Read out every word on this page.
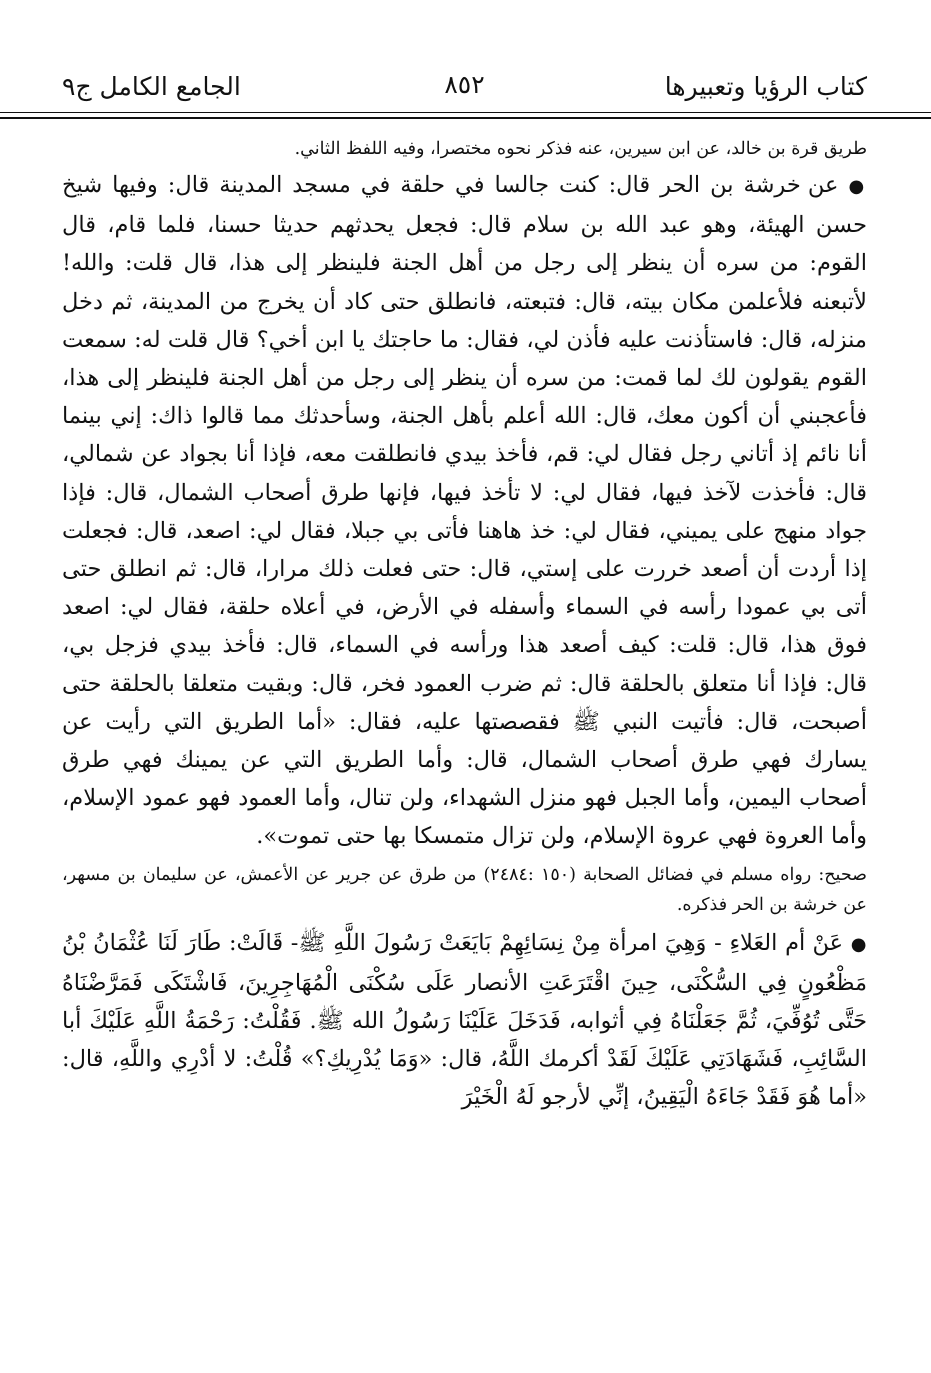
كتاب الرؤيا وتعبيرها
٨٥٢
الجامع الكامل ج٩

طريق قرة بن خالد، عن ابن سيرين، عنه فذكر نحوه مختصرا، وفيه اللفظ الثاني.

● عن خرشة بن الحر قال: كنت جالسا في حلقة في مسجد المدينة قال: وفيها شيخ حسن الهيئة، وهو عبد الله بن سلام قال: فجعل يحدثهم حديثا حسنا، فلما قام، قال القوم: من سره أن ينظر إلى رجل من أهل الجنة فلينظر إلى هذا، قال قلت: والله! لأتبعنه فلأعلمن مكان بيته، قال: فتبعته، فانطلق حتى كاد أن يخرج من المدينة، ثم دخل منزله، قال: فاستأذنت عليه فأذن لي، فقال: ما حاجتك يا ابن أخي؟ قال قلت له: سمعت القوم يقولون لك لما قمت: من سره أن ينظر إلى رجل من أهل الجنة فلينظر إلى هذا، فأعجبني أن أكون معك، قال: الله أعلم بأهل الجنة، وسأحدثك مما قالوا ذاك: إني بينما أنا نائم إذ أتاني رجل فقال لي: قم، فأخذ بيدي فانطلقت معه، فإذا أنا بجواد عن شمالي، قال: فأخذت لآخذ فيها، فقال لي: لا تأخذ فيها، فإنها طرق أصحاب الشمال، قال: فإذا جواد منهج على يميني، فقال لي: خذ هاهنا فأتى بي جبلا، فقال لي: اصعد، قال: فجعلت إذا أردت أن أصعد خررت على إستي، قال: حتى فعلت ذلك مرارا، قال: ثم انطلق حتى أتى بي عمودا رأسه في السماء وأسفله في الأرض، في أعلاه حلقة، فقال لي: اصعد فوق هذا، قال: قلت: كيف أصعد هذا ورأسه في السماء، قال: فأخذ بيدي فزجل بي، قال: فإذا أنا متعلق بالحلقة قال: ثم ضرب العمود فخر، قال: وبقيت متعلقا بالحلقة حتى أصبحت، قال: فأتيت النبي ﷺ فقصصتها عليه، فقال: «أما الطريق التي رأيت عن يسارك فهي طرق أصحاب الشمال، قال: وأما الطريق التي عن يمينك فهي طرق أصحاب اليمين، وأما الجبل فهو منزل الشهداء، ولن تنال، وأما العمود فهو عمود الإسلام، وأما العروة فهي عروة الإسلام، ولن تزال متمسكا بها حتى تموت».

صحيح: رواه مسلم في فضائل الصحابة (١٥٠ :٢٤٨٤) من طرق عن جرير عن الأعمش، عن سليمان بن مسهر، عن خرشة بن الحر فذكره.

● عَنْ أم العَلاءِ - وَهِيَ امرأة مِنْ نِسَائِهِمْ بَايَعَتْ رَسُولَ اللَّهِ ﷺ- قَالَتْ: طَارَ لَنَا عُثْمَانُ بْنُ مَظْعُونٍ فِي السُّكْنَى، حِينَ اقْتَرَعَتِ الأنصار عَلَى سُكْنَى الْمُهَاجِرِينَ، فَاشْتَكَى فَمَرَّضْنَاهُ حَتَّى تُوُفِّيَ، ثُمَّ جَعَلْنَاهُ فِي أثوابه، فَدَخَلَ عَلَيْنَا رَسُولُ الله ﷺ. فَقُلْتُ: رَحْمَةُ اللَّهِ عَلَيْكَ أبا السَّائِبِ، فَشَهَادَتِي عَلَيْكَ لَقَدْ أكرمك اللَّهُ، قال: «وَمَا يُدْرِيكِ؟» قُلْتُ: لا أدْرِي واللَّهِ، قال: «أما هُوَ فَقَدْ جَاءَهُ الْيَقِينُ، إنِّي لأرجو لَهُ الْخَيْرَ
